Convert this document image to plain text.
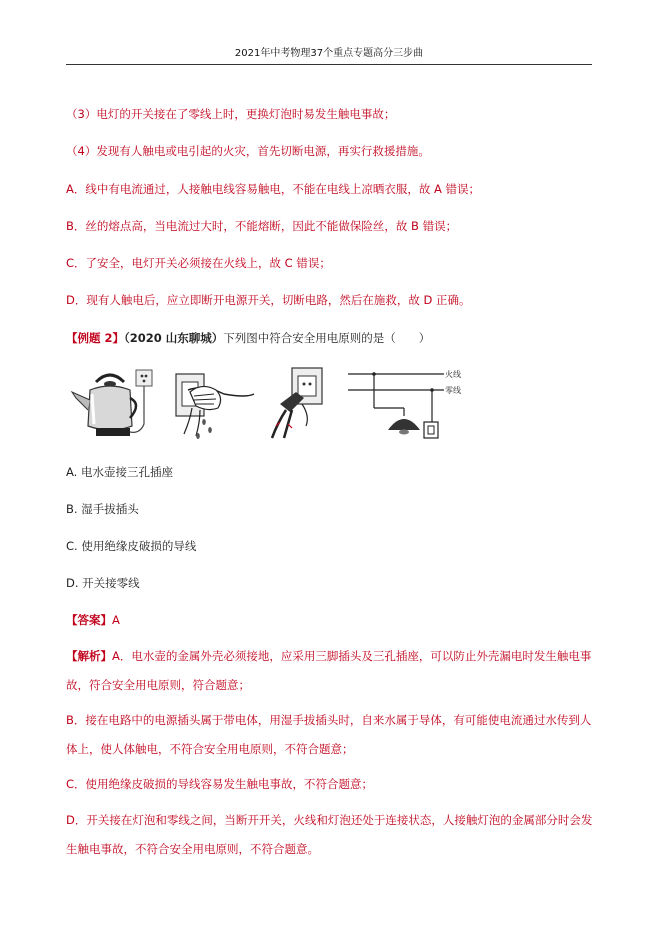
2021年中考物理37个重点专题高分三步曲
（3）电灯的开关接在了零线上时，更换灯泡时易发生触电事故；
（4）发现有人触电或电引起的火灾，首先切断电源，再实行救援措施。
A．线中有电流通过，人接触电线容易触电，不能在电线上凉晒衣服，故 A 错误；
B．丝的熔点高，当电流过大时，不能熔断，因此不能做保险丝，故 B 错误；
C．了安全，电灯开关必须接在火线上，故 C 错误；
D．现有人触电后，应立即断开电源开关，切断电路，然后在施救，故 D 正确。
【例题 2】（2020 山东聊城）下列图中符合安全用电原则的是（　　）
火线
零线
A. 电水壶接三孔插座
B. 湿手拔插头
C. 使用绝缘皮破损的导线
D. 开关接零线
【答案】A
【解析】A．电水壶的金属外壳必须接地，应采用三脚插头及三孔插座，可以防止外壳漏电时发生触电事故，符合安全用电原则，符合题意；
B．接在电路中的电源插头属于带电体，用湿手拔插头时，自来水属于导体，有可能使电流通过水传到人体上，使人体触电，不符合安全用电原则，不符合题意；
C．使用绝缘皮破损的导线容易发生触电事故，不符合题意；
D．开关接在灯泡和零线之间，当断开开关，火线和灯泡还处于连接状态，人接触灯泡的金属部分时会发生触电事故，不符合安全用电原则，不符合题意。
